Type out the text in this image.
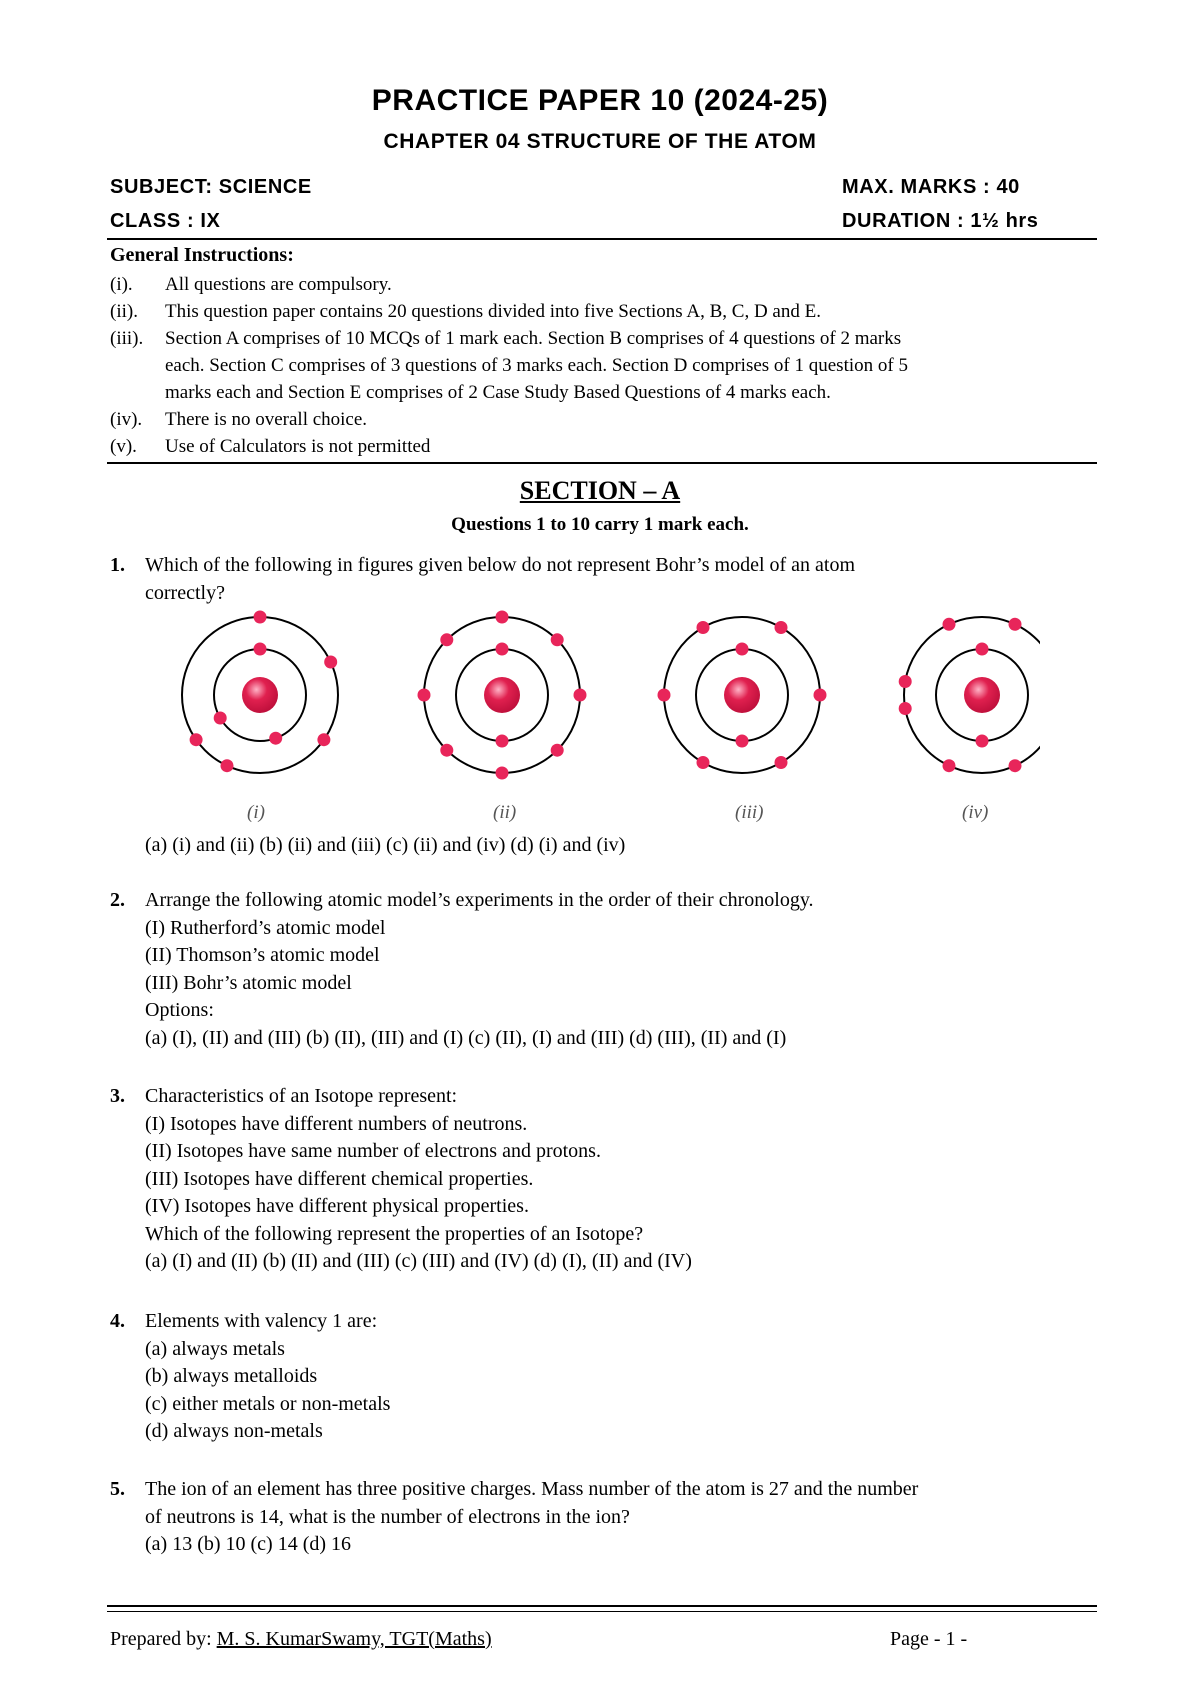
PRACTICE PAPER 10 (2024-25)
CHAPTER 04 STRUCTURE OF THE ATOM
SUBJECT: SCIENCE	MAX. MARKS : 40
CLASS : IX	DURATION : 1½ hrs
General Instructions:
(i). All questions are compulsory.
(ii). This question paper contains 20 questions divided into five Sections A, B, C, D and E.
(iii). Section A comprises of 10 MCQs of 1 mark each. Section B comprises of 4 questions of 2 marks
each. Section C comprises of 3 questions of 3 marks each. Section D comprises of 1 question of 5
marks each and Section E comprises of 2 Case Study Based Questions of 4 marks each.
(iv). There is no overall choice.
(v). Use of Calculators is not permitted
SECTION – A
Questions 1 to 10 carry 1 mark each.
1. Which of the following in figures given below do not represent Bohr’s model of an atom
correctly?
(i)	(ii)	(iii)	(iv)
(a) (i) and (ii) (b) (ii) and (iii) (c) (ii) and (iv) (d) (i) and (iv)
2. Arrange the following atomic model’s experiments in the order of their chronology.
(I) Rutherford’s atomic model
(II) Thomson’s atomic model
(III) Bohr’s atomic model
Options:
(a) (I), (II) and (III) (b) (II), (III) and (I) (c) (II), (I) and (III) (d) (III), (II) and (I)
3. Characteristics of an Isotope represent:
(I) Isotopes have different numbers of neutrons.
(II) Isotopes have same number of electrons and protons.
(III) Isotopes have different chemical properties.
(IV) Isotopes have different physical properties.
Which of the following represent the properties of an Isotope?
(a) (I) and (II) (b) (II) and (III) (c) (III) and (IV) (d) (I), (II) and (IV)
4. Elements with valency 1 are:
(a) always metals
(b) always metalloids
(c) either metals or non-metals
(d) always non-metals
5. The ion of an element has three positive charges. Mass number of the atom is 27 and the number
of neutrons is 14, what is the number of electrons in the ion?
(a) 13 (b) 10 (c) 14 (d) 16
Prepared by: M. S. KumarSwamy, TGT(Maths)	Page - 1 -
